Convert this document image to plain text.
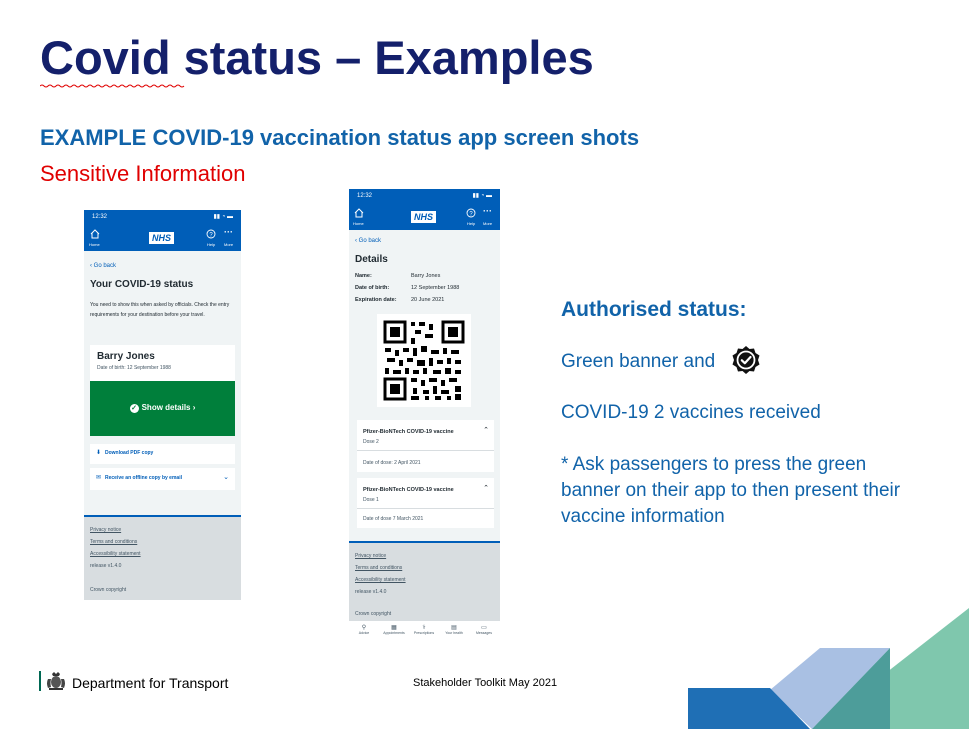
Covid status – Examples
EXAMPLE COVID-19 vaccination status app screen shots
Sensitive Information
12:32	▮▮ ◔ ▬
Home
NHS	?
Help
···
More
‹ Go back
Your COVID-19 status
You need to show this when asked by officials. Check the entry requirements for your destination before your travel.
Barry Jones
Date of birth: 12 September 1988
✓ Show details ›
⬇ Download PDF copy
✉ Receive an offline copy by email	⌄
Privacy notice
Terms and conditions
Accessibility statement
release v1.4.0
Crown copyright
12:32	▮▮ ◔ ▬
Home
NHS	?
Help
···
More
‹ Go back
Details
Name:	Barry Jones
Date of birth:	12 September 1988
Expiration date:	20 June 2021
Pfizer-BioNTech COVID-19 vaccine	⌃
Dose 2
Date of dose: 2 April 2021
Pfizer-BioNTech COVID-19 vaccine	⌃
Dose 1
Date of dose 7 March 2021
Privacy notice
Terms and conditions
Accessibility statement
release v1.4.0
Crown copyright
⚲
Advice
▦
Appointments
⚕
Prescriptions
▤
Your health
▭
Messages
Authorised status:
Green banner and
COVID-19 2 vaccines received
* Ask passengers to press the green banner on their app to then present their vaccine information
Department for Transport	Stakeholder Toolkit May 2021
